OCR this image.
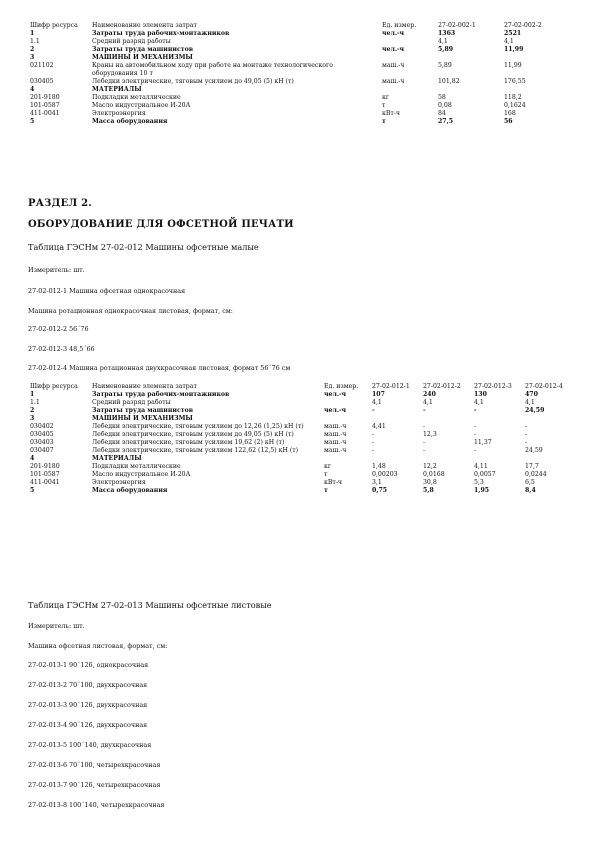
Шифр ресурса	Наименование элемента затрат	Ед. измер.	27-02-002-1	27-02-002-2
1	Затраты труда рабочих-монтажников	чел.-ч	1363	2521
1.1	Средний разряд работы		4,1	4,1
2	Затраты труда машинистов	чел.-ч	5,89	11,99
3	МАШИНЫ И МЕХАНИЗМЫ			
021102	Краны на автомобильном ходу при работе на монтаже технологического оборудования 10 т	маш.-ч	5,89	11,99
030405	Лебедки электрические, тяговым усилием до 49,05 (5) кН (т)	маш.-ч	101,82	176,55
4	МАТЕРИАЛЫ			
201-9180	Подкладки металлические	кг	58	118,2
101-0587	Масло индустриальное И-20А	т	0,08	0,1624
411-0041	Электроэнергия	кВт-ч	84	168
5	Масса оборудования	т	27,5	56
РАЗДЕЛ 2.
ОБОРУДОВАНИЕ ДЛЯ ОФСЕТНОЙ ПЕЧАТИ
Таблица ГЭСНм 27-02-012 Машины офсетные малые
Измеритель: шт.
27-02-012-1 Машина офсетная однокрасочная
Машина ротационная однокрасочная листовая, формат, см:
27-02-012-2 56´76
27-02-012-3 48,5´66
27-02-012-4 Машина ротационная двухкрасочная листовая, формат 56´76 см
Шифр ресурса	Наименование элемента затрат	Ед. измер.	27-02-012-1	27-02-012-2	27-02-012-3	27-02-012-4
1	Затраты труда рабочих-монтажников	чел.-ч	107	240	130	470
1.1	Средний разряд работы		4,1	4,1	4,1	4,1
2	Затраты труда машинистов	чел.-ч	-	-	-	24,59
3	МАШИНЫ И МЕХАНИЗМЫ					
030402	Лебедки электрические, тяговым усилием до 12,26 (1,25) кН (т)	маш.-ч	4,41	-	-	-
030405	Лебедки электрические, тяговым усилием до 49,05 (5) кН (т)	маш.-ч	-	12,3	-	-
030403	Лебедки электрические, тяговым усилием 19,62 (2) кН (т)	маш.-ч	-	-	11,37	-
030407	Лебедки электрические, тяговым усилием 122,62 (12,5) кН (т)	маш.-ч	-	-	-	24,59
4	МАТЕРИАЛЫ					
201-9180	Подкладки металлические	кг	1,48	12,2	4,11	17,7
101-0587	Масло индустриальное И-20А	т	0,00203	0,0168	0,0057	0,0244
411-0041	Электроэнергия	кВт-ч	3,1	30,8	5,3	6,5
5	Масса оборудования	т	0,75	5,8	1,95	8,4
Таблица ГЭСНм 27-02-013 Машины офсетные листовые
Измеритель: шт.
Машина офсетная листовая, формат, см:
27-02-013-1 90´126, однокрасочная
27-02-013-2 70´100, двухкрасочная
27-02-013-3 90´126, двухкрасочная
27-02-013-4 90´126, двухкрасочная
27-02-013-5 100´140, двухкрасочная
27-02-013-6 70´100, четырехкрасочная
27-02-013-7 90´126, четырехкрасочная
27-02-013-8 100´140, четырехкрасочная
